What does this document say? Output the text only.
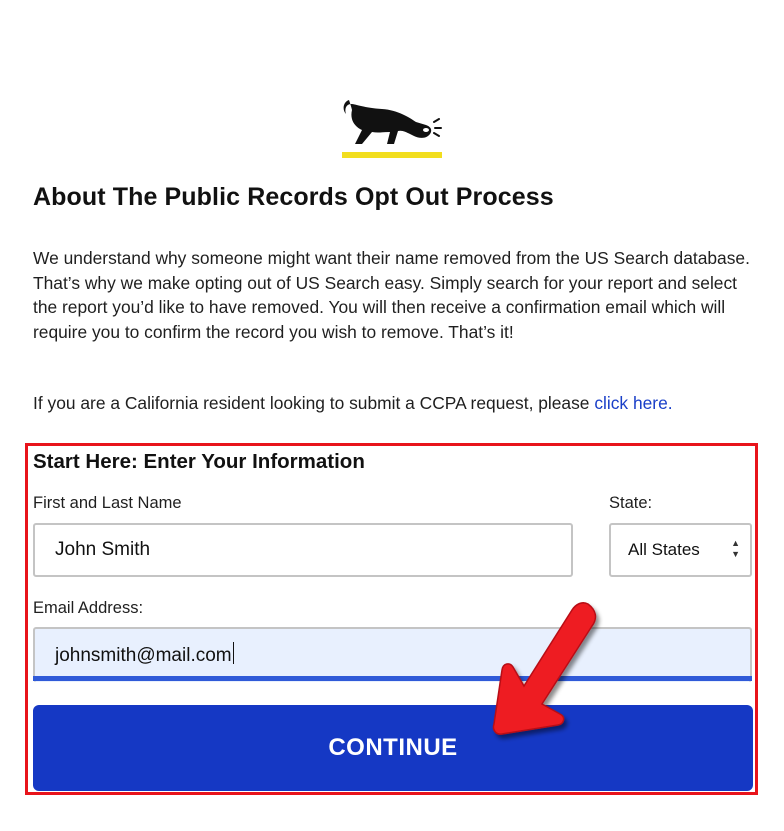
About The Public Records Opt Out Process

We understand why someone might want their name removed from the US Search database. That’s why we make opting out of US Search easy. Simply search for your report and select the report you’d like to have removed. You will then receive a confirmation email which will require you to confirm the record you wish to remove. That’s it!

If you are a California resident looking to submit a CCPA request, please click here.

Start Here: Enter Your Information
First and Last Name
John Smith
State:
All States	▲
▼
Email Address:
johnsmith@mail.com
CONTINUE
